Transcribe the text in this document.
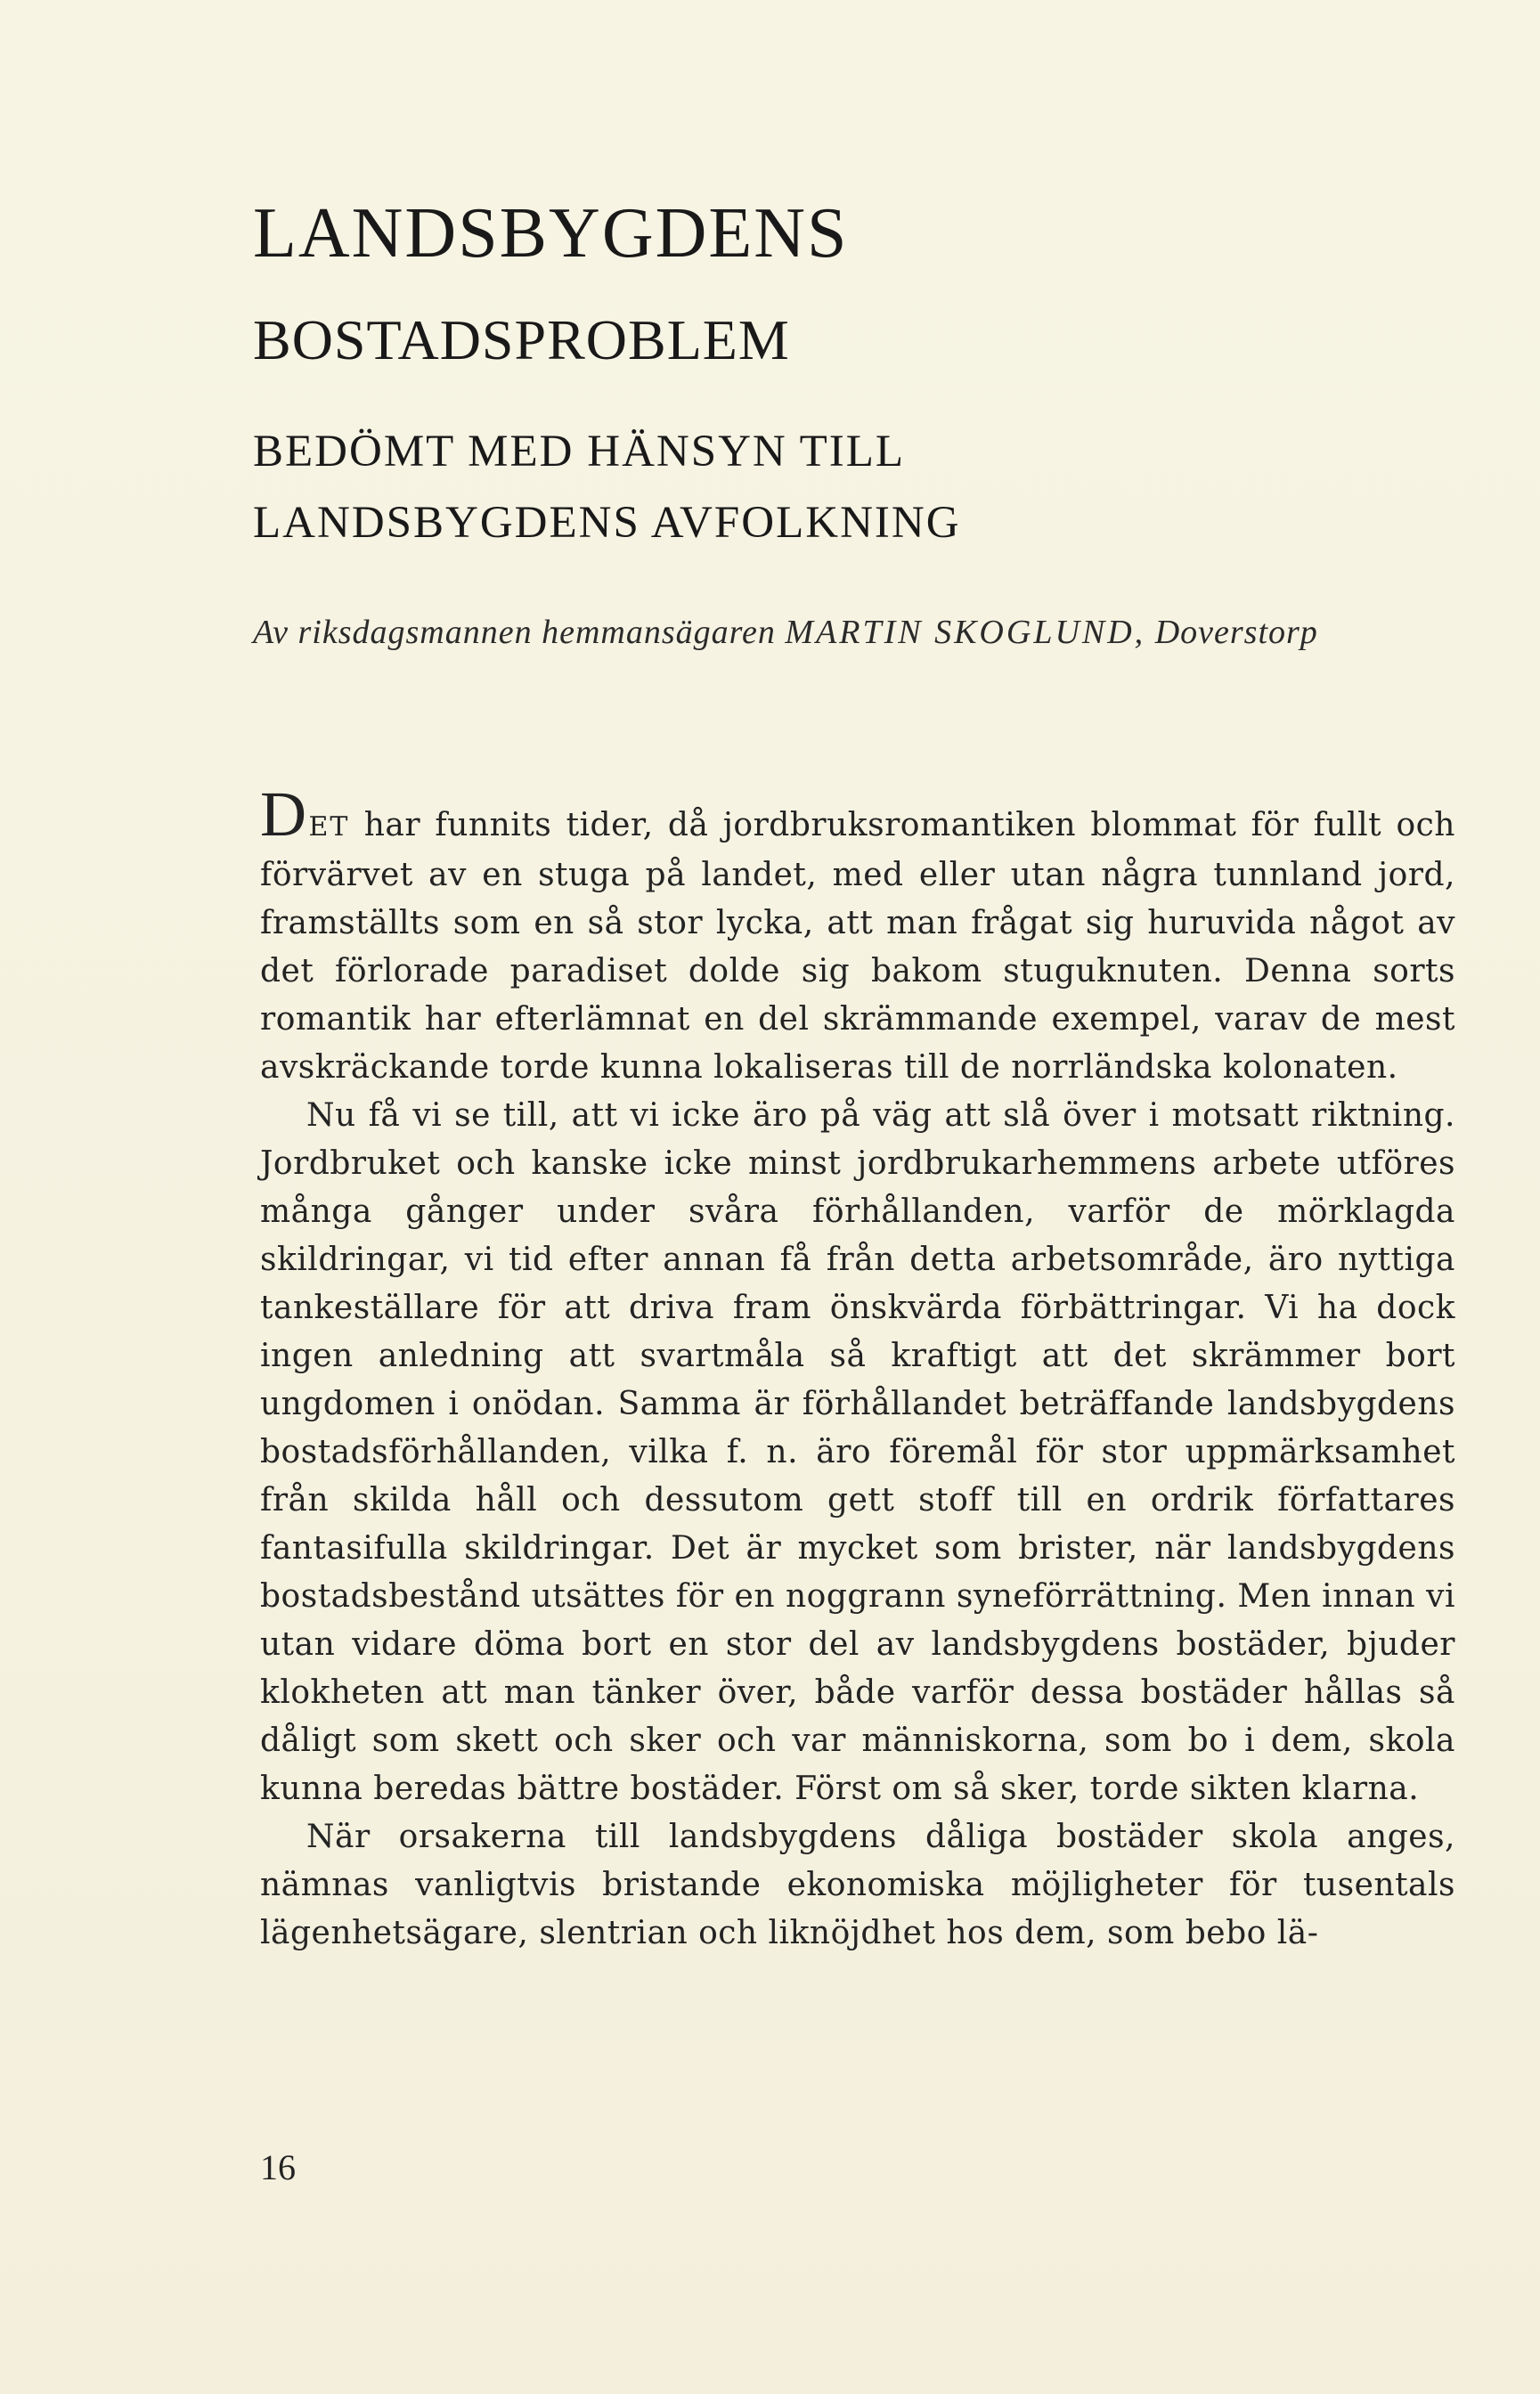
LANDSBYGDENS
BOSTADSPROBLEM
BEDÖMT MED HÄNSYN TILL
LANDSBYGDENS AVFOLKNING
Av riksdagsmannen hemmansägaren MARTIN SKOGLUND, Doverstorp

DET har funnits tider, då jordbruksromantiken blommat för fullt och förvärvet av en stuga på landet, med eller utan några tunnland jord, framställts som en så stor lycka, att man frågat sig huruvida något av det förlorade paradiset dolde sig bakom stuguknuten. Denna sorts romantik har efterlämnat en del skrämmande exempel, varav de mest avskräckande torde kunna lokaliseras till de norrländska kolonaten.

Nu få vi se till, att vi icke äro på väg att slå över i motsatt riktning. Jordbruket och kanske icke minst jordbrukarhemmens arbete utföres många gånger under svåra förhållanden, varför de mörklagda skildringar, vi tid efter annan få från detta arbetsområde, äro nyttiga tankeställare för att driva fram önskvärda förbättringar. Vi ha dock ingen anledning att svartmåla så kraftigt att det skrämmer bort ungdomen i onödan. Samma är förhållandet beträffande landsbygdens bostadsförhållanden, vilka f. n. äro föremål för stor uppmärksamhet från skilda håll och dessutom gett stoff till en ordrik författares fantasifulla skildringar. Det är mycket som brister, när landsbygdens bostadsbestånd utsättes för en noggrann syneförrättning. Men innan vi utan vidare döma bort en stor del av landsbygdens bostäder, bjuder klokheten att man tänker över, både varför dessa bostäder hållas så dåligt som skett och sker och var människorna, som bo i dem, skola kunna beredas bättre bostäder. Först om så sker, torde sikten klarna.

När orsakerna till landsbygdens dåliga bostäder skola anges, nämnas vanligtvis bristande ekonomiska möjligheter för tusentals lägenhetsägare, slentrian och liknöjdhet hos dem, som bebo lä-

16
